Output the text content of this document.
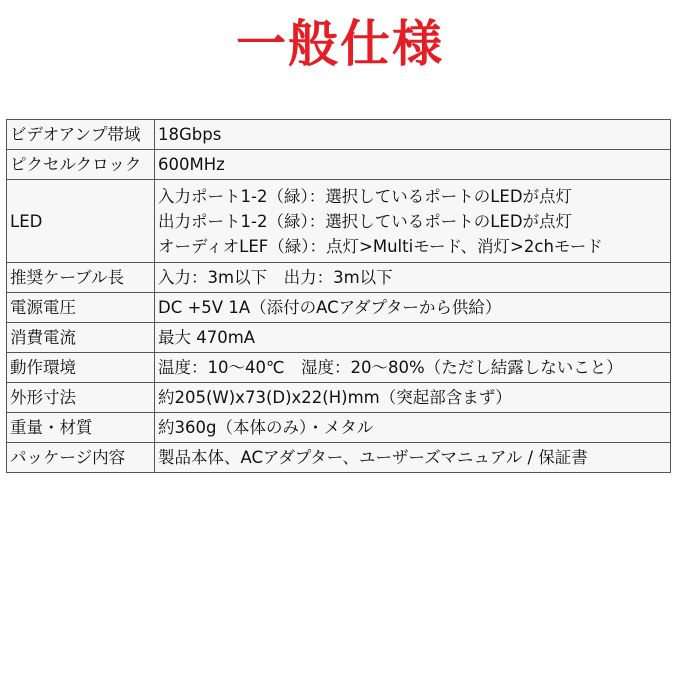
一般仕様
ビデオアンプ帯域	18Gbps
ピクセルクロック	600MHz
LED	入力ポート1-2（緑）：選択しているポートのLEDが点灯
出力ポート1-2（緑）：選択しているポートのLEDが点灯
オーディオLEF（緑）：点灯>Multiモード、消灯>2chモード

推奨ケーブル長	入力：3m以下　出力：3m以下
電源電圧	DC +5V 1A（添付のACアダプターから供給）
消費電流	最大 470mA
動作環境	温度：10～40℃　湿度：20～80%（ただし結露しないこと）
外形寸法	約205(W)x73(D)x22(H)mm（突起部含まず）
重量・材質	約360g（本体のみ）・メタル
パッケージ内容	製品本体、ACアダプター、ユーザーズマニュアル / 保証書
